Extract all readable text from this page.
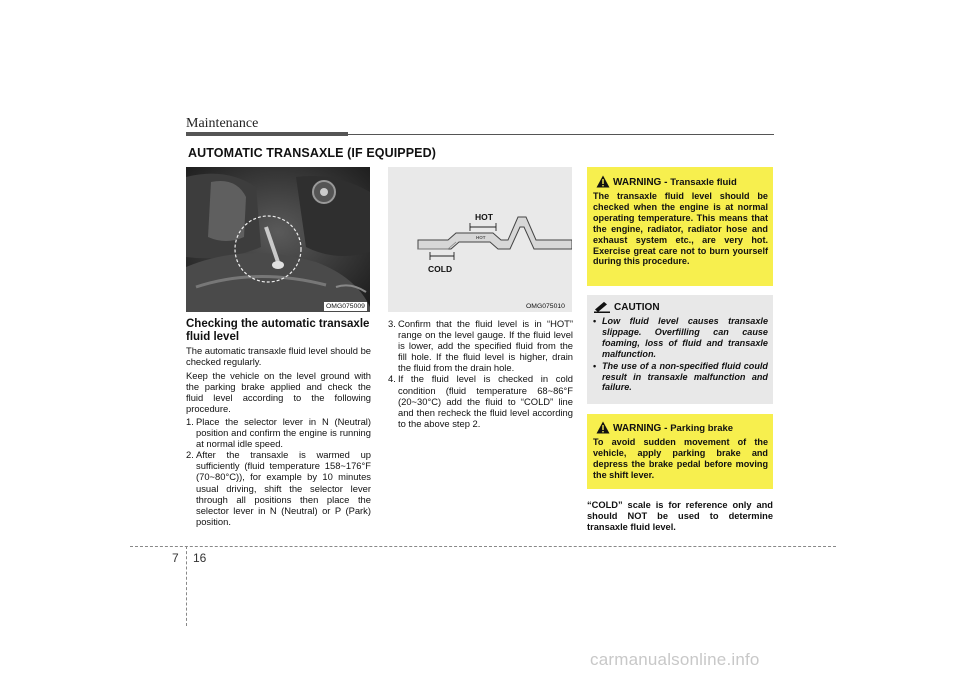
Maintenance
AUTOMATIC TRANSAXLE (IF EQUIPPED)
OMG075009
HOT
COLD
HOT
OMG075010
Checking the automatic transaxle fluid level
The automatic transaxle fluid level should be checked regularly.
Keep the vehicle on the level ground with the parking brake applied and check the fluid level according to the following procedure.
1. Place the selector lever in N (Neutral) position and confirm the engine is running at normal idle speed.
2. After the transaxle is warmed up sufficiently (fluid temperature 158~176°F (70~80°C)), for example by 10 minutes usual driving, shift the selector lever through all positions then place the selector lever in N (Neutral) or P (Park) position.
3. Confirm that the fluid level is in “HOT” range on the level gauge. If the fluid level is lower, add the specified fluid from the fill hole. If the fluid level is higher, drain the fluid from the drain hole.
4. If the fluid level is checked in cold condition (fluid temperature 68~86°F (20~30°C) add the fluid to “COLD” line and then recheck the fluid level according to the above step 2.
WARNING - Transaxle fluid
The transaxle fluid level should be checked when the engine is at normal operating temperature. This means that the engine, radiator, radiator hose and exhaust system etc., are very hot. Exercise great care not to burn yourself during this procedure.
CAUTION
• Low fluid level causes transaxle slippage. Overfilling can cause foaming, loss of fluid and transaxle malfunction.
• The use of a non-specified fluid could result in transaxle malfunction and failure.
WARNING - Parking brake
To avoid sudden movement of the vehicle, apply parking brake and depress the brake pedal before moving the shift lever.
“COLD” scale is for reference only and should NOT be used to determine transaxle fluid level.
7 16
carmanualsonline.info
